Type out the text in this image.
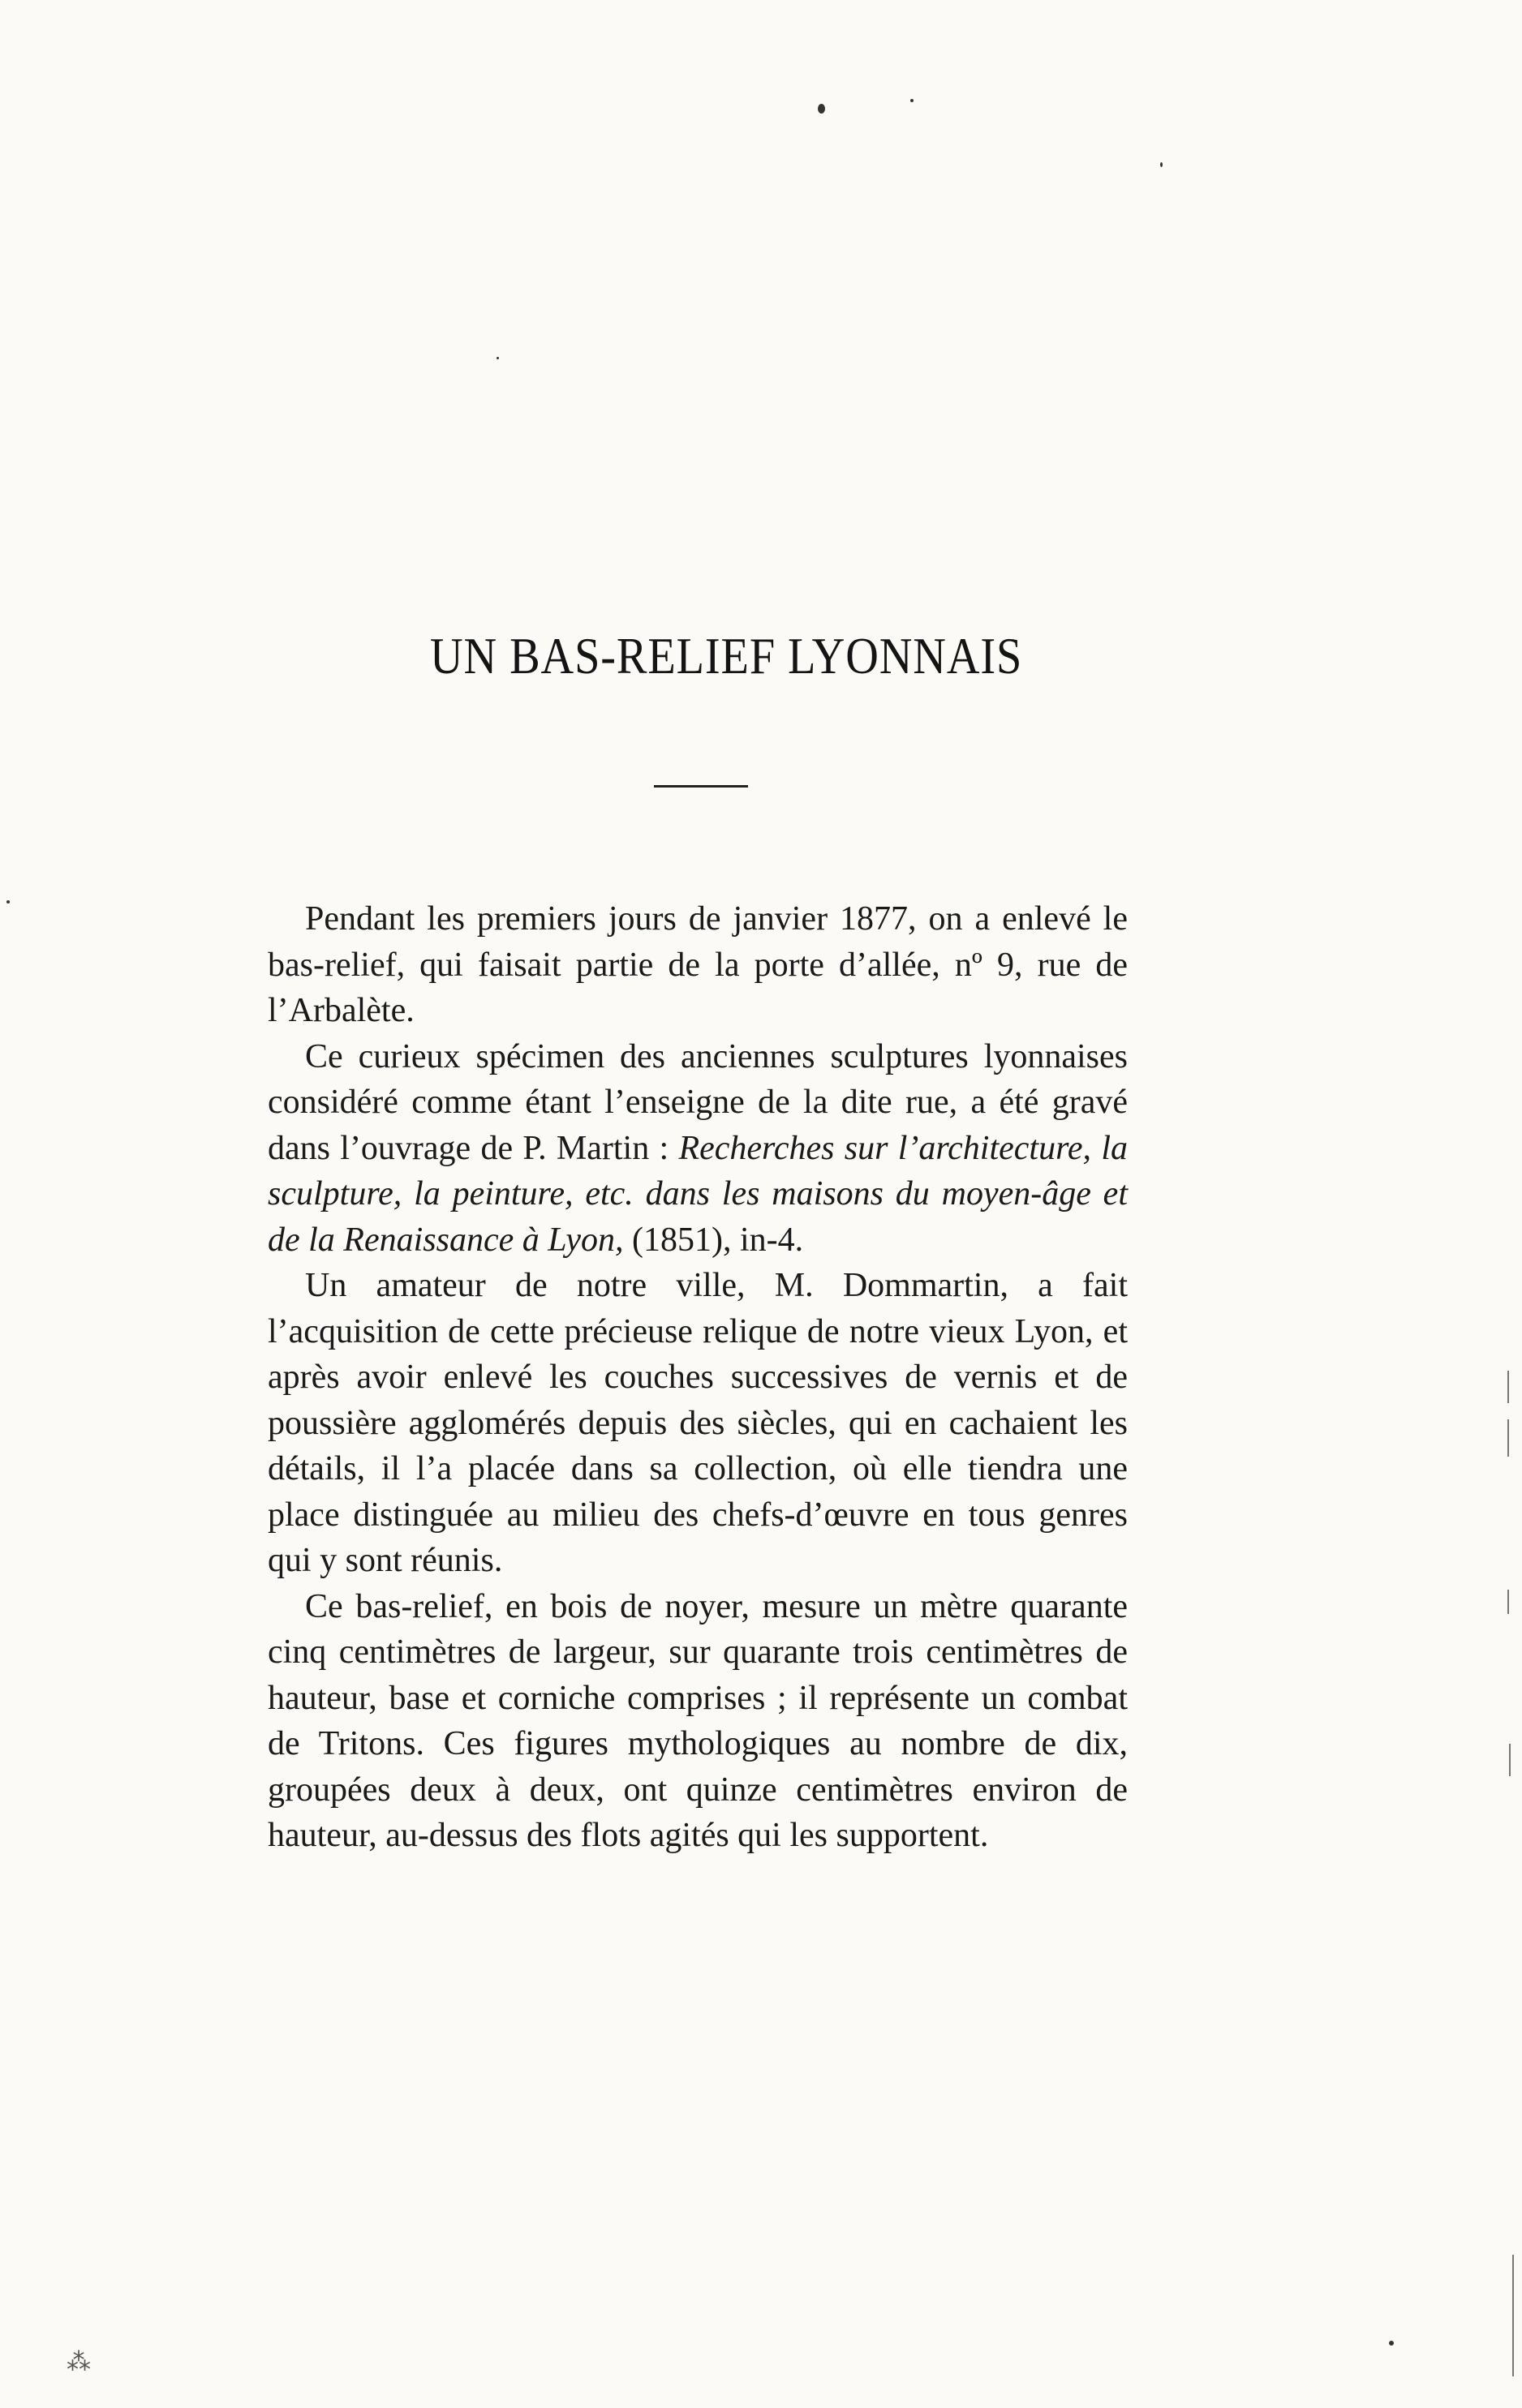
UN BAS-RELIEF LYONNAIS

Pendant les premiers jours de janvier 1877, on a enlevé le bas-relief, qui faisait partie de la porte d’allée, nº 9, rue de l’Arbalète.

Ce curieux spécimen des anciennes sculptures lyonnaises considéré comme étant l’enseigne de la dite rue, a été gravé dans l’ouvrage de P. Martin : Recherches sur l’architecture, la sculpture, la peinture, etc. dans les maisons du moyen-âge et de la Renaissance à Lyon, (1851), in-4.

Un amateur de notre ville, M. Dommartin, a fait l’acquisition de cette précieuse relique de notre vieux Lyon, et après avoir enlevé les couches successives de vernis et de poussière agglomérés depuis des siècles, qui en cachaient les détails, il l’a placée dans sa collection, où elle tiendra une place distinguée au milieu des chefs-d’œuvre en tous genres qui y sont réunis.

Ce bas-relief, en bois de noyer, mesure un mètre quarante cinq centimètres de largeur, sur quarante trois centimètres de hauteur, base et corniche comprises ; il représente un combat de Tritons. Ces figures mythologiques au nombre de dix, groupées deux à deux, ont quinze centimètres environ de hauteur, au-dessus des flots agités qui les supportent.

⁂
